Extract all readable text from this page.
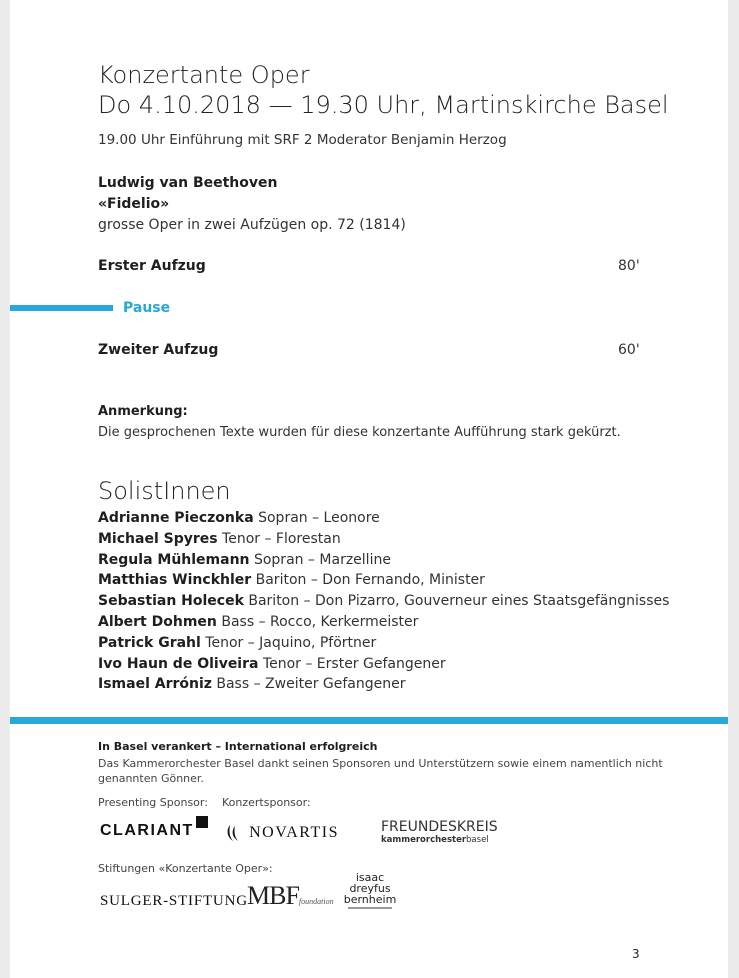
Konzertante Oper
Do 4.10.2018 — 19.30 Uhr, Martinskirche Basel
19.00 Uhr Einführung mit SRF 2 Moderator Benjamin Herzog
Ludwig van Beethoven
«Fidelio»
grosse Oper in zwei Aufzügen op. 72 (1814)
Erster Aufzug	80'
Pause
Zweiter Aufzug	60'
Anmerkung:
Die gesprochenen Texte wurden für diese konzertante Aufführung stark gekürzt.
SolistInnen
Adrianne Pieczonka Sopran – Leonore
Michael Spyres Tenor – Florestan
Regula Mühlemann Sopran – Marzelline
Matthias Winckhler Bariton – Don Fernando, Minister
Sebastian Holecek Bariton – Don Pizarro, Gouverneur eines Staatsgefängnisses
Albert Dohmen Bass – Rocco, Kerkermeister
Patrick Grahl Tenor – Jaquino, Pförtner
Ivo Haun de Oliveira Tenor – Erster Gefangener
Ismael Arróniz Bass – Zweiter Gefangener
In Basel verankert – International erfolgreich
Das Kammerorchester Basel dankt seinen Sponsoren und Unterstützern sowie einem namentlich nicht
genannten Gönner.
Presenting Sponsor: Konzertsponsor:
CLARIANT	NOVARTIS	FREUNDESKREIS
kammerorchesterbasel
Stiftungen «Konzertante Oper»:
SULGER-STIFTUNG MBFfoundation
isaac
dreyfus
bernheim
3
